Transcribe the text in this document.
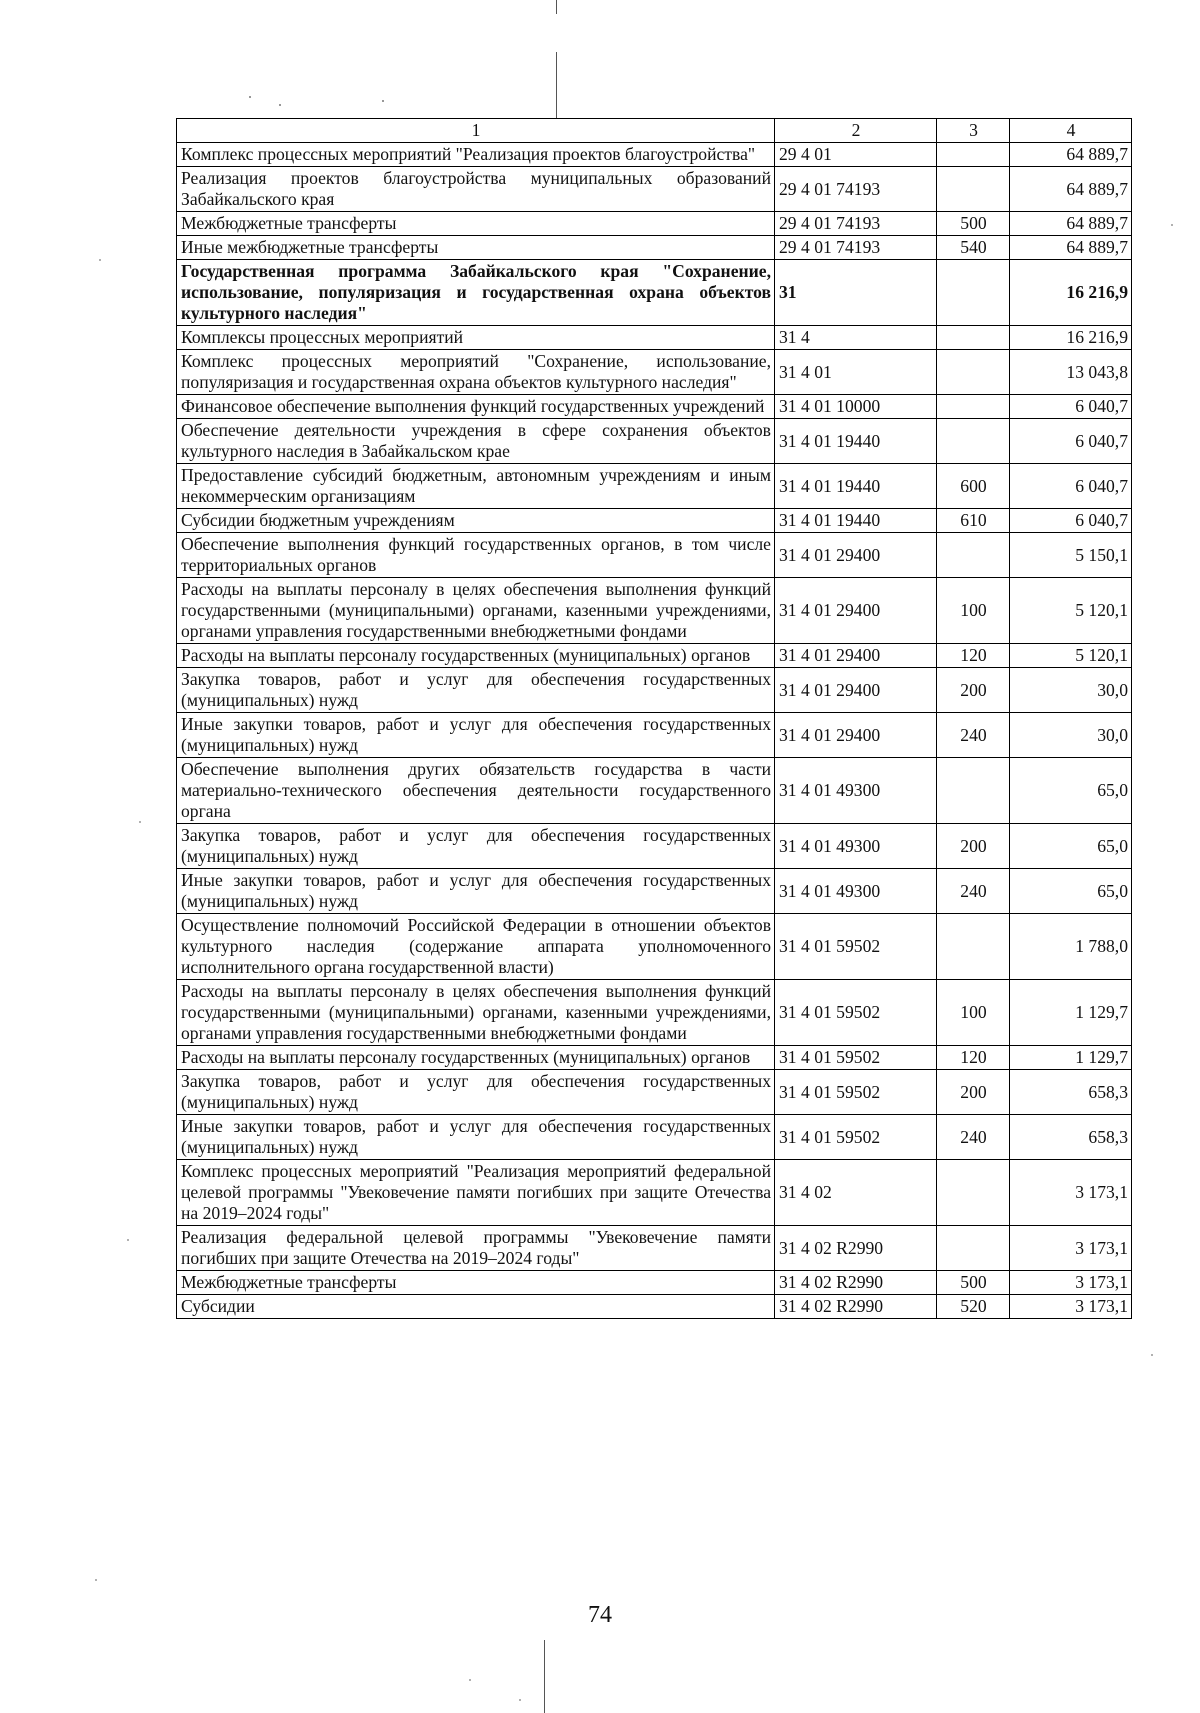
1	2	3	4
Комплекс процессных мероприятий "Реализация проектов благоустройства"	29 4 01		64 889,7
Реализация проектов благоустройства муниципальных образований Забайкальского края	29 4 01 74193		64 889,7
Межбюджетные трансферты	29 4 01 74193	500	64 889,7
Иные межбюджетные трансферты	29 4 01 74193	540	64 889,7
Государственная программа Забайкальского края "Сохранение, использование, популяризация и государственная охрана объектов культурного наследия"	31		16 216,9
Комплексы процессных мероприятий	31 4		16 216,9
Комплекс процессных мероприятий "Сохранение, использование, популяризация и государственная охрана объектов культурного наследия"	31 4 01		13 043,8
Финансовое обеспечение выполнения функций государственных учреждений	31 4 01 10000		6 040,7
Обеспечение деятельности учреждения в сфере сохранения объектов культурного наследия в Забайкальском крае	31 4 01 19440		6 040,7
Предоставление субсидий бюджетным, автономным учреждениям и иным некоммерческим организациям	31 4 01 19440	600	6 040,7
Субсидии бюджетным учреждениям	31 4 01 19440	610	6 040,7
Обеспечение выполнения функций государственных органов, в том числе территориальных органов	31 4 01 29400		5 150,1
Расходы на выплаты персоналу в целях обеспечения выполнения функций государственными (муниципальными) органами, казенными учреждениями, органами управления государственными внебюджетными фондами	31 4 01 29400	100	5 120,1
Расходы на выплаты персоналу государственных (муниципальных) органов	31 4 01 29400	120	5 120,1
Закупка товаров, работ и услуг для обеспечения государственных (муниципальных) нужд	31 4 01 29400	200	30,0
Иные закупки товаров, работ и услуг для обеспечения государственных (муниципальных) нужд	31 4 01 29400	240	30,0
Обеспечение выполнения других обязательств государства в части материально-технического обеспечения деятельности государственного органа	31 4 01 49300		65,0
Закупка товаров, работ и услуг для обеспечения государственных (муниципальных) нужд	31 4 01 49300	200	65,0
Иные закупки товаров, работ и услуг для обеспечения государственных (муниципальных) нужд	31 4 01 49300	240	65,0
Осуществление полномочий Российской Федерации в отношении объектов культурного наследия (содержание аппарата уполномоченного исполнительного органа государственной власти)	31 4 01 59502		1 788,0
Расходы на выплаты персоналу в целях обеспечения выполнения функций государственными (муниципальными) органами, казенными учреждениями, органами управления государственными внебюджетными фондами	31 4 01 59502	100	1 129,7
Расходы на выплаты персоналу государственных (муниципальных) органов	31 4 01 59502	120	1 129,7
Закупка товаров, работ и услуг для обеспечения государственных (муниципальных) нужд	31 4 01 59502	200	658,3
Иные закупки товаров, работ и услуг для обеспечения государственных (муниципальных) нужд	31 4 01 59502	240	658,3
Комплекс процессных мероприятий "Реализация мероприятий федеральной целевой программы "Увековечение памяти погибших при защите Отечества на 2019–2024 годы"	31 4 02		3 173,1
Реализация федеральной целевой программы "Увековечение памяти погибших при защите Отечества на 2019–2024 годы"	31 4 02 R2990		3 173,1
Межбюджетные трансферты	31 4 02 R2990	500	3 173,1
Субсидии	31 4 02 R2990	520	3 173,1
74
